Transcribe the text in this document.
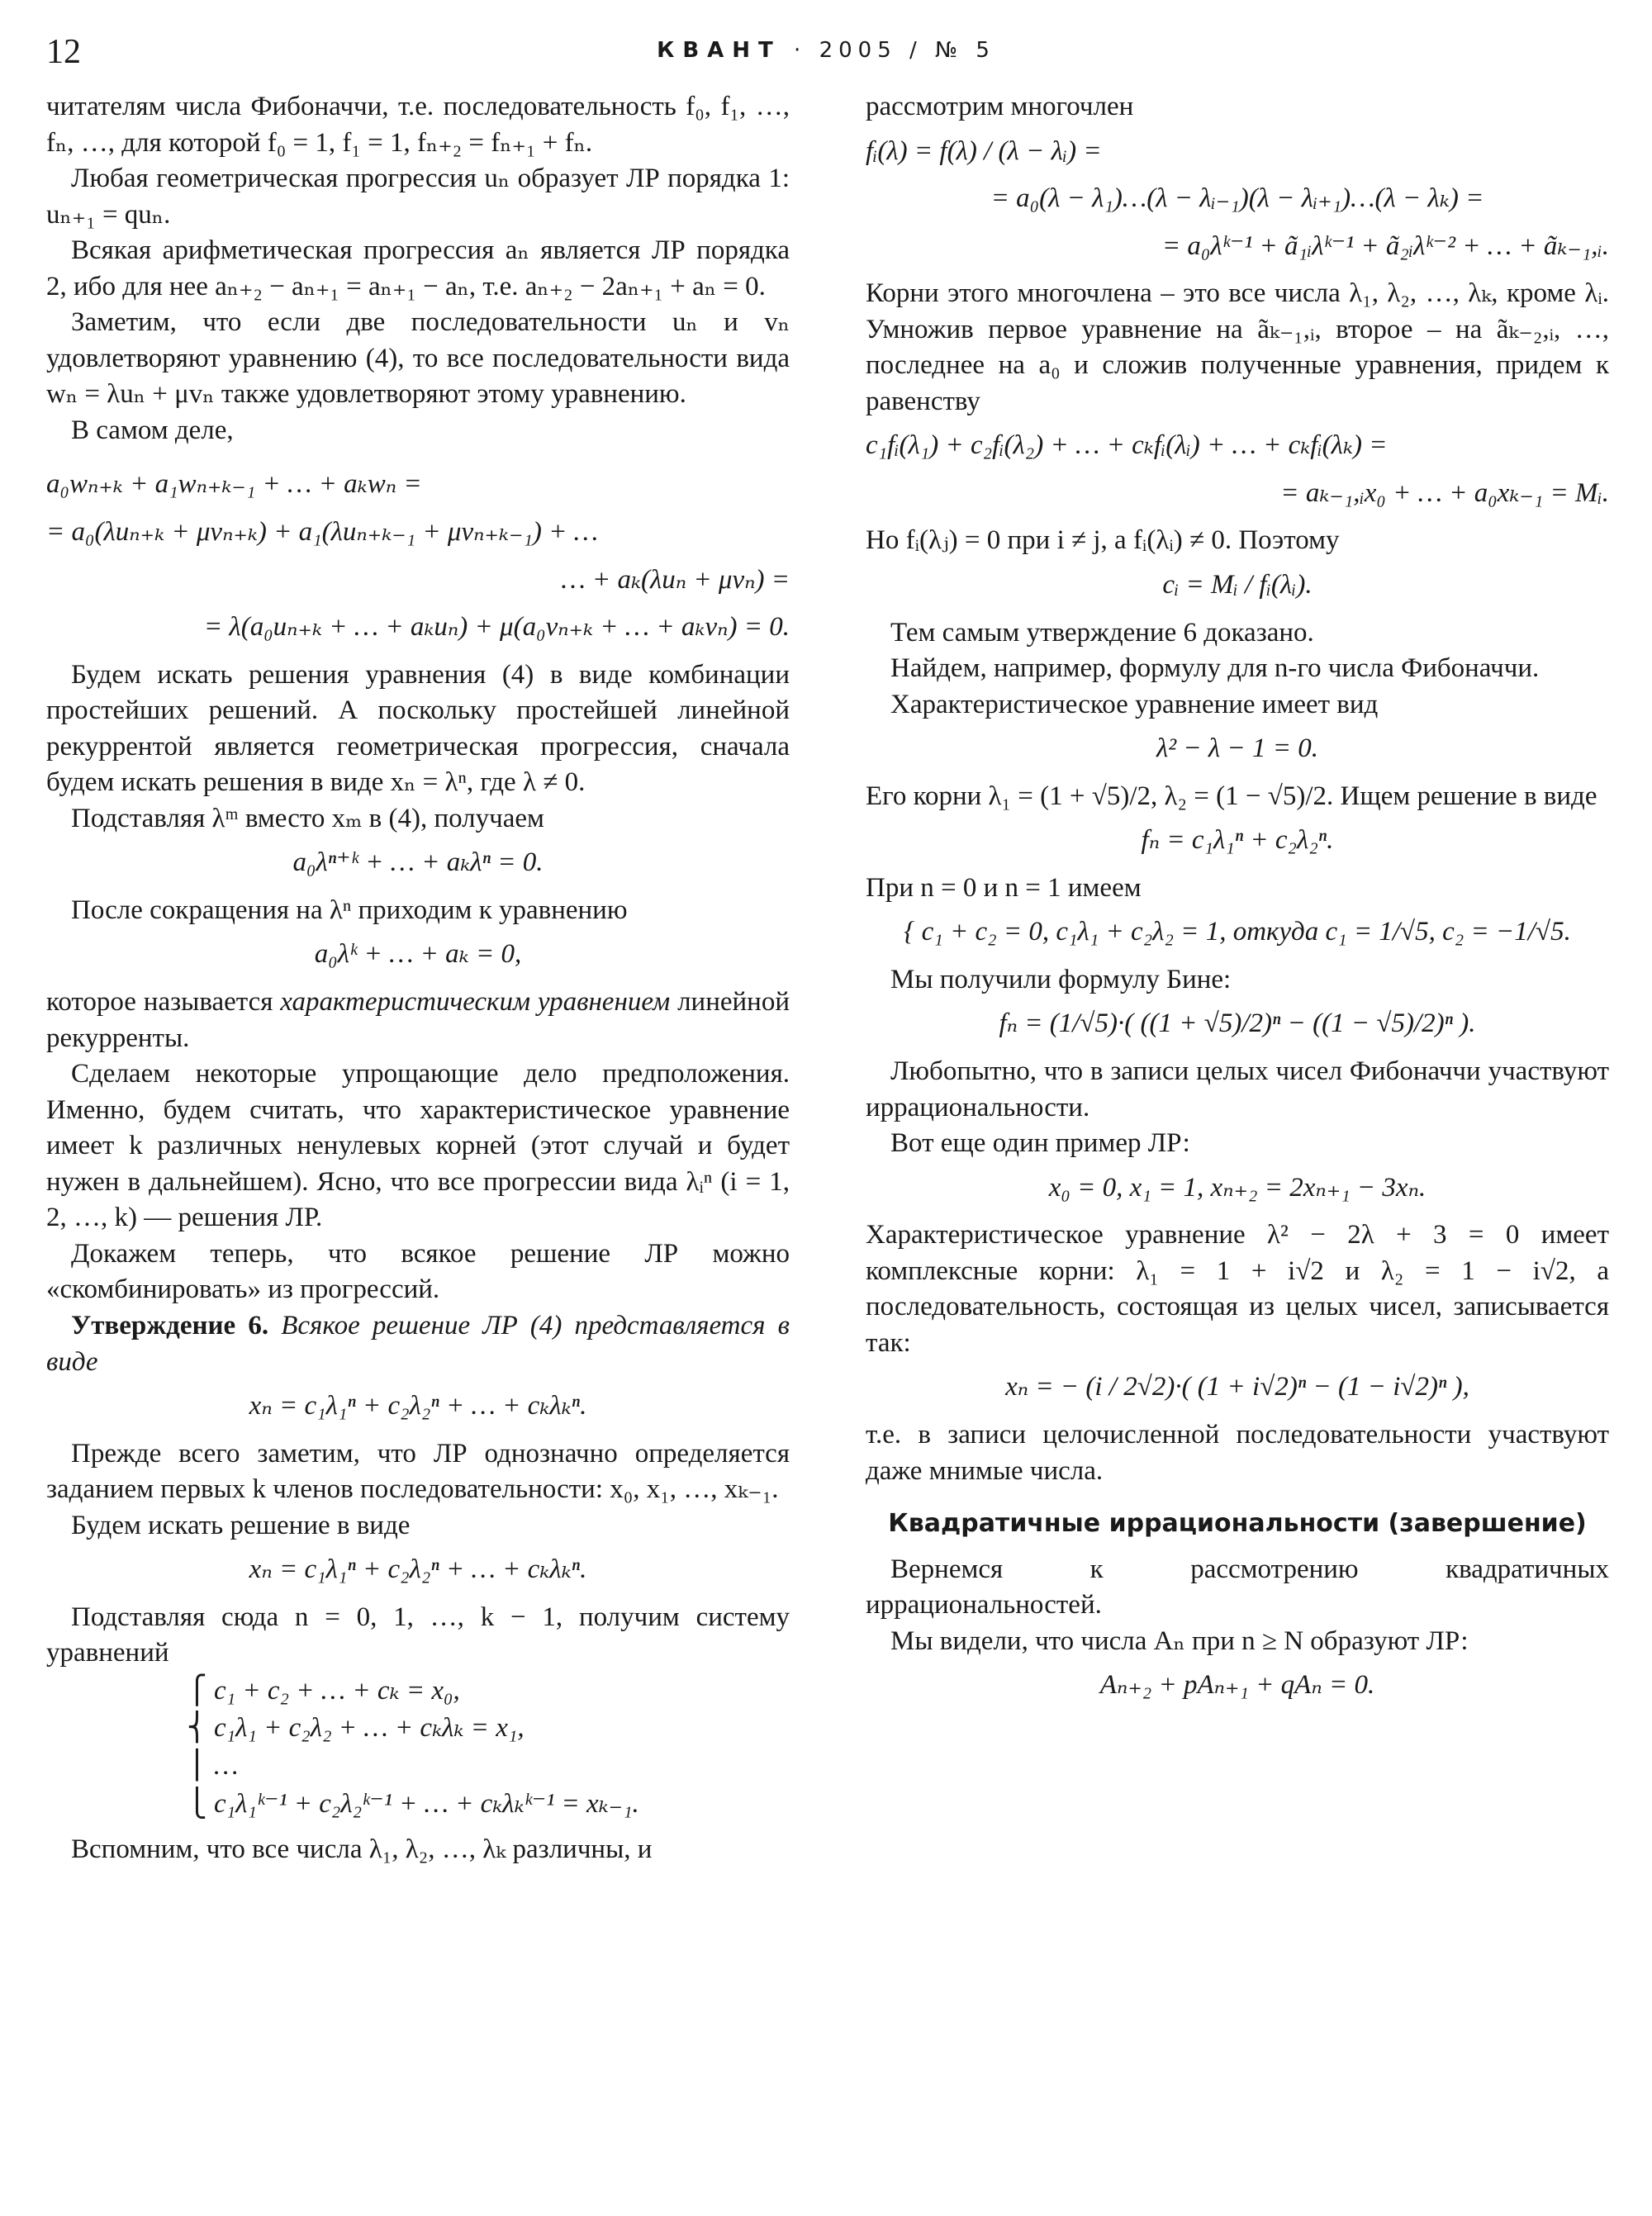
12	КВАНТ · 2005 / № 5

читателям числа Фибоначчи, т.е. последовательность f₀, f₁, …, fₙ, …, для которой f₀ = 1, f₁ = 1, fₙ₊₂ = fₙ₊₁ + fₙ.

Любая геометрическая прогрессия uₙ образует ЛР порядка 1: uₙ₊₁ = quₙ.

Всякая арифметическая прогрессия aₙ является ЛР порядка 2, ибо для нее aₙ₊₂ − aₙ₊₁ = aₙ₊₁ − aₙ, т.е. aₙ₊₂ − 2aₙ₊₁ + aₙ = 0.

Заметим, что если две последовательности uₙ и vₙ удовлетворяют уравнению (4), то все последовательности вида wₙ = λuₙ + μvₙ также удовлетворяют этому уравнению.

В самом деле,

a₀wₙ₊ₖ + a₁wₙ₊ₖ₋₁ + … + aₖwₙ =
= a₀(λuₙ₊ₖ + μvₙ₊ₖ) + a₁(λuₙ₊ₖ₋₁ + μvₙ₊ₖ₋₁) + …
… + aₖ(λuₙ + μvₙ) =
= λ(a₀uₙ₊ₖ + … + aₖuₙ) + μ(a₀vₙ₊ₖ + … + aₖvₙ) = 0.

Будем искать решения уравнения (4) в виде комбинации простейших решений. А поскольку простейшей линейной рекуррентой является геометрическая прогрессия, сначала будем искать решения в виде xₙ = λⁿ, где λ ≠ 0.

Подставляя λᵐ вместо xₘ в (4), получаем

a₀λⁿ⁺ᵏ + … + aₖλⁿ = 0.

После сокращения на λⁿ приходим к уравнению

a₀λᵏ + … + aₖ = 0,

которое называется характеристическим уравнением линейной рекурренты.

Сделаем некоторые упрощающие дело предположения. Именно, будем считать, что характеристическое уравнение имеет k различных ненулевых корней (этот случай и будет нужен в дальнейшем). Ясно, что все прогрессии вида λᵢⁿ (i = 1, 2, …, k) — решения ЛР.

Докажем теперь, что всякое решение ЛР можно «скомбинировать» из прогрессий.

Утверждение 6. Всякое решение ЛР (4) представляется в виде

xₙ = c₁λ₁ⁿ + c₂λ₂ⁿ + … + cₖλₖⁿ.

Прежде всего заметим, что ЛР однозначно определяется заданием первых k членов последовательности: x₀, x₁, …, xₖ₋₁.

Будем искать решение в виде

xₙ = c₁λ₁ⁿ + c₂λ₂ⁿ + … + cₖλₖⁿ.

Подставляя сюда n = 0, 1, …, k − 1, получим систему уравнений

⎧ c₁ + c₂ + … + cₖ = x₀,
⎨ c₁λ₁ + c₂λ₂ + … + cₖλₖ = x₁,
⎪ …
⎩ c₁λ₁ᵏ⁻¹ + c₂λ₂ᵏ⁻¹ + … + cₖλₖᵏ⁻¹ = xₖ₋₁.

Вспомним, что все числа λ₁, λ₂, …, λₖ различны, и

рассмотрим многочлен

fᵢ(λ) = f(λ) / (λ − λᵢ) =
= a₀(λ − λ₁)…(λ − λᵢ₋₁)(λ − λᵢ₊₁)…(λ − λₖ) =
= a₀λᵏ⁻¹ + ã₁ᵢλᵏ⁻¹ + ã₂ᵢλᵏ⁻² + … + ãₖ₋₁,ᵢ.

Корни этого многочлена – это все числа λ₁, λ₂, …, λₖ, кроме λᵢ. Умножив первое уравнение на ãₖ₋₁,ᵢ, второе – на ãₖ₋₂,ᵢ, …, последнее на a₀ и сложив полученные уравнения, придем к равенству

c₁fᵢ(λ₁) + c₂fᵢ(λ₂) + … + cₖfᵢ(λᵢ) + … + cₖfᵢ(λₖ) =
= aₖ₋₁,ᵢx₀ + … + a₀xₖ₋₁ = Mᵢ.

Но fᵢ(λⱼ) = 0 при i ≠ j, а fᵢ(λᵢ) ≠ 0. Поэтому

cᵢ = Mᵢ / fᵢ(λᵢ).

Тем самым утверждение 6 доказано.

Найдем, например, формулу для n-го числа Фибоначчи.

Характеристическое уравнение имеет вид

λ² − λ − 1 = 0.

Его корни λ₁ = (1 + √5)/2, λ₂ = (1 − √5)/2. Ищем решение в виде

fₙ = c₁λ₁ⁿ + c₂λ₂ⁿ.

При n = 0 и n = 1 имеем

{ c₁ + c₂ = 0, c₁λ₁ + c₂λ₂ = 1, откуда c₁ = 1/√5, c₂ = −1/√5.

Мы получили формулу Бине:

fₙ = (1/√5)·( ((1 + √5)/2)ⁿ − ((1 − √5)/2)ⁿ ).

Любопытно, что в записи целых чисел Фибоначчи участвуют иррациональности.

Вот еще один пример ЛР:

x₀ = 0, x₁ = 1, xₙ₊₂ = 2xₙ₊₁ − 3xₙ.

Характеристическое уравнение λ² − 2λ + 3 = 0 имеет комплексные корни: λ₁ = 1 + i√2 и λ₂ = 1 − i√2, а последовательность, состоящая из целых чисел, записывается так:

xₙ = − (i / 2√2)·( (1 + i√2)ⁿ − (1 − i√2)ⁿ ),

т.е. в записи целочисленной последовательности участвуют даже мнимые числа.

Квадратичные иррациональности (завершение)

Вернемся к рассмотрению квадратичных иррациональностей.

Мы видели, что числа Aₙ при n ≥ N образуют ЛР:

Aₙ₊₂ + pAₙ₊₁ + qAₙ = 0.
